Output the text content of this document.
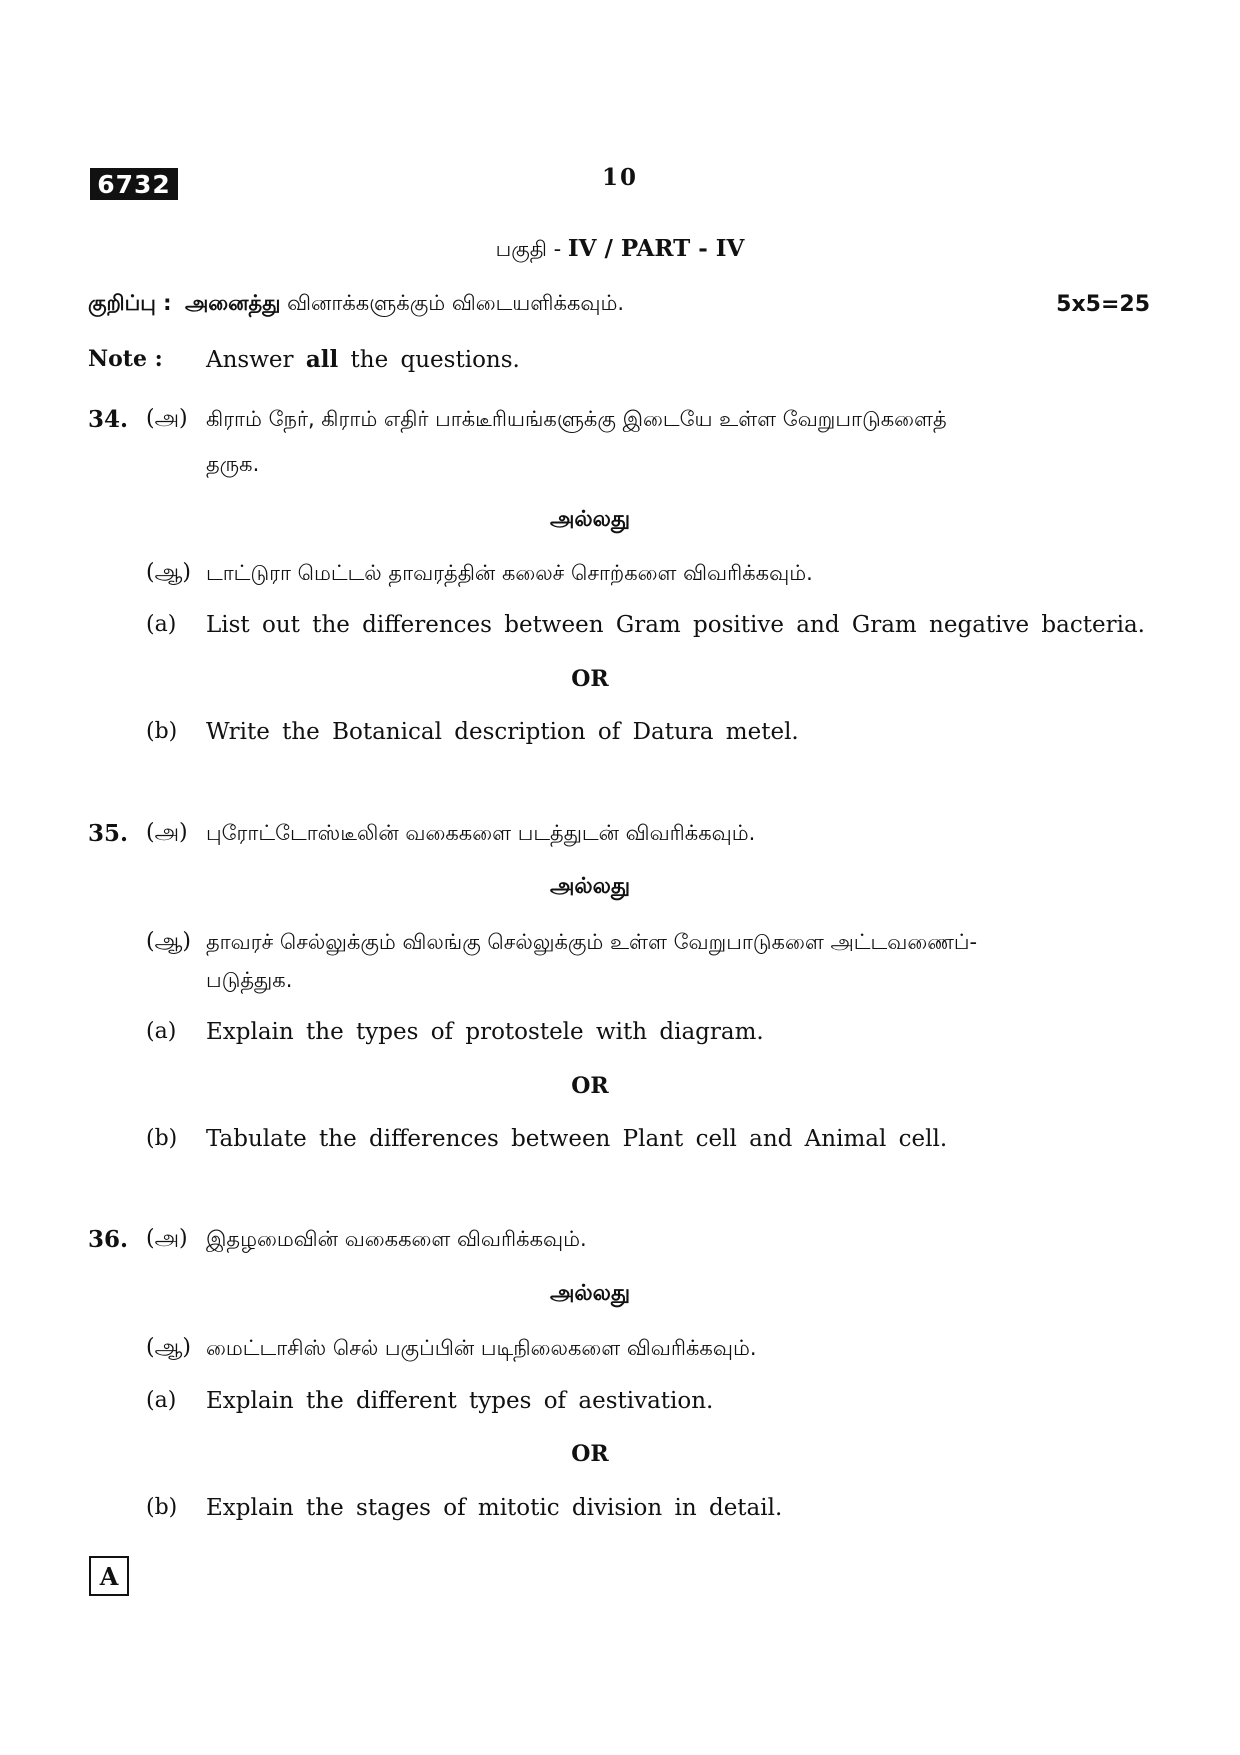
6732	10
பகுதி - IV / PART - IV
குறிப்பு : அனைத்து வினாக்களுக்கும் விடையளிக்கவும்.	5x5=25
Note : Answer all the questions.
34. (அ) கிராம் நேர், கிராம் எதிர் பாக்டீரியங்களுக்கு இடையே உள்ள வேறுபாடுகளைத்
தருக.
அல்லது
(ஆ) டாட்டுரா மெட்டல் தாவரத்தின் கலைச் சொற்களை விவரிக்கவும்.
(a) List out the differences between Gram positive and Gram negative bacteria.
OR
(b) Write the Botanical description of Datura metel.
35. (அ) புரோட்டோஸ்டீலின் வகைகளை படத்துடன் விவரிக்கவும்.
அல்லது
(ஆ) தாவரச் செல்லுக்கும் விலங்கு செல்லுக்கும் உள்ள வேறுபாடுகளை அட்டவணைப்-
படுத்துக.
(a) Explain the types of protostele with diagram.
OR
(b) Tabulate the differences between Plant cell and Animal cell.
36. (அ) இதழமைவின் வகைகளை விவரிக்கவும்.
அல்லது
(ஆ) மைட்டாசிஸ் செல் பகுப்பின் படிநிலைகளை விவரிக்கவும்.
(a) Explain the different types of aestivation.
OR
(b) Explain the stages of mitotic division in detail.
A
